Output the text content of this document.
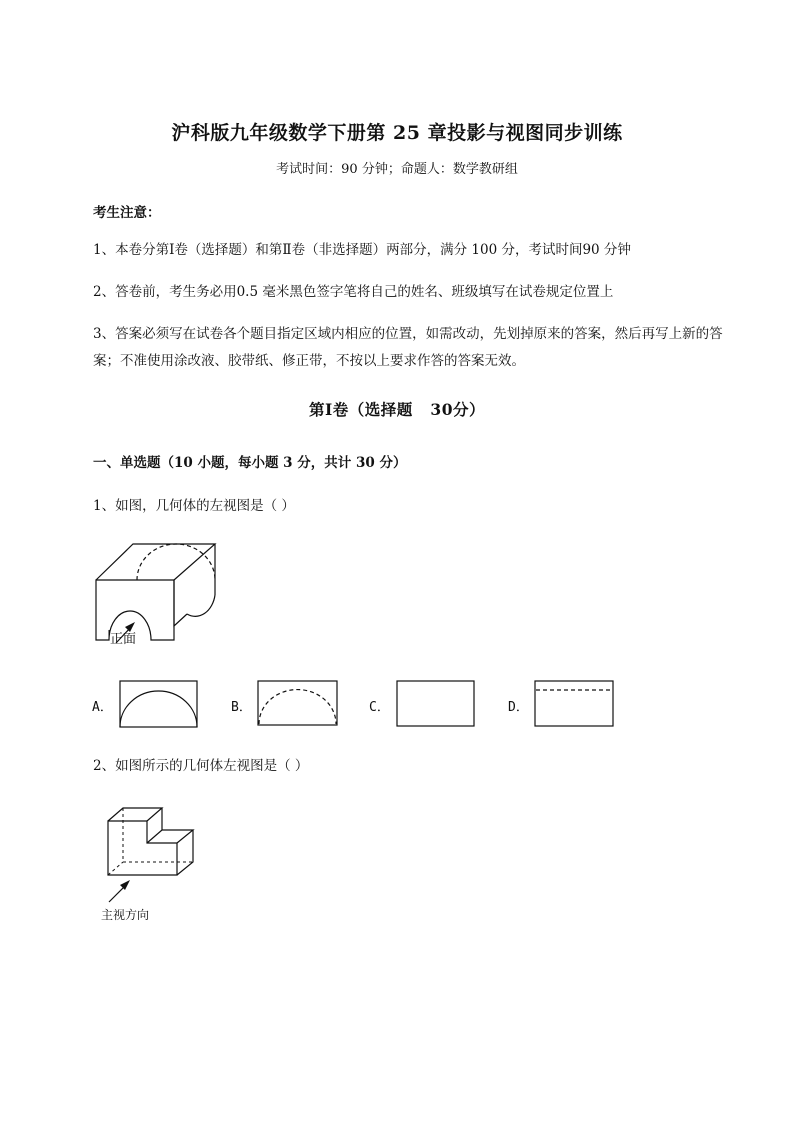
沪科版九年级数学下册第 25 章投影与视图同步训练
考试时间：90 分钟；命题人：数学教研组
考生注意：
1、本卷分第Ⅰ卷（选择题）和第Ⅱ卷（非选择题）两部分，满分 100 分，考试时间90 分钟
2、答卷前，考生务必用0.5 毫米黑色签字笔将自己的姓名、班级填写在试卷规定位置上
3、答案必须写在试卷各个题目指定区域内相应的位置，如需改动，先划掉原来的答案，然后再写上新的答案；不准使用涂改液、胶带纸、修正带，不按以上要求作答的答案无效。
第Ⅰ卷（选择题   30分）
一、单选题（10 小题，每小题 3 分，共计 30 分）
1、如图，几何体的左视图是（ ）
正面
A．	B．	C．	D．
2、如图所示的几何体左视图是（ ）
主视方向
